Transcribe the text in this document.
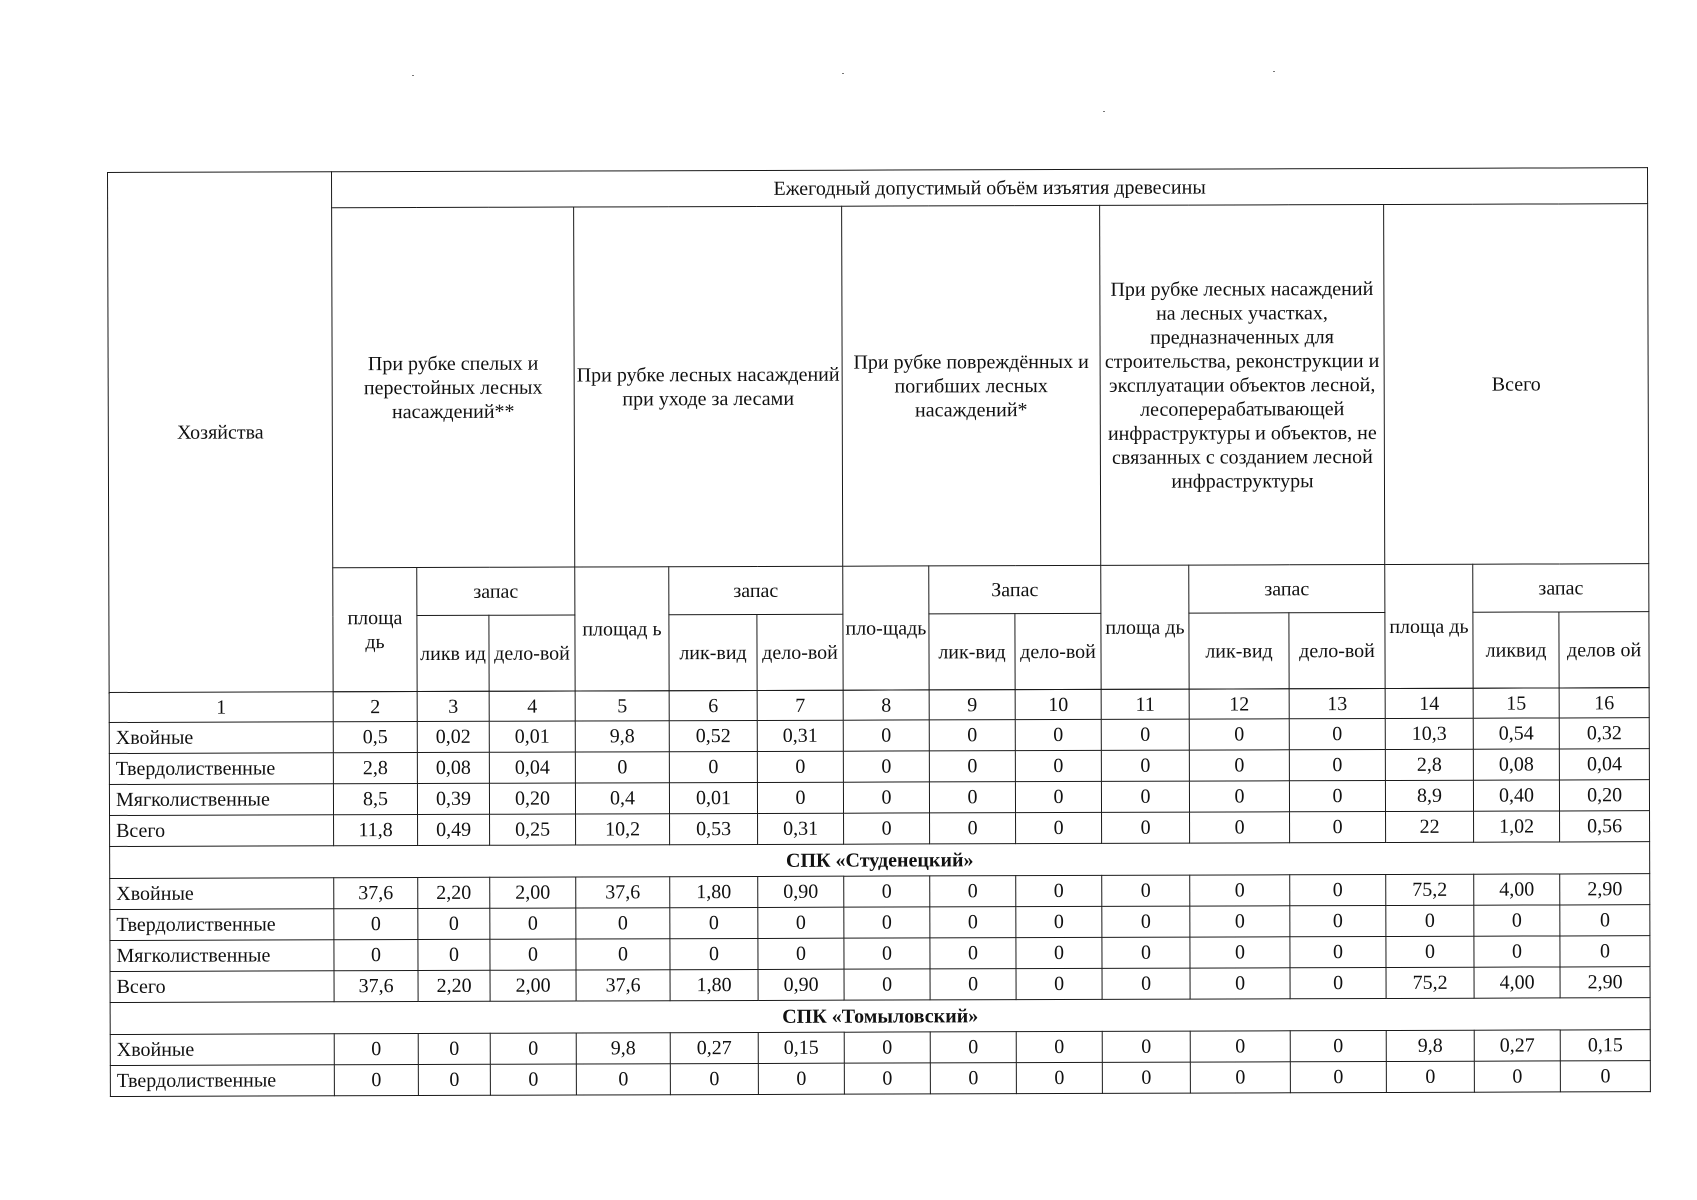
Хозяйства	Ежегодный допустимый объём изъятия древесины														
	При рубке спелых и перестойных лесных насаждений**			При рубке лесных насаждений при уходе за лесами			При рубке повреждённых и погибших лесных насаждений*			При рубке лесных насаждений на лесных участках, предназначенных для строительства, реконструкции и эксплуатации объектов лесной, лесоперерабатывающей инфраструктуры и объектов, не связанных с созданием лесной инфраструктуры			Всего		
	площа дь	запас		площад ь	запас		пло-щадь	Запас		площа дь	запас		площа дь	запас	
		ликв ид	дело-вой		лик-вид	дело-вой		лик-вид	дело-вой		лик-вид	дело-вой		ликвид	делов ой

1	2	3	4	5	6	7	8	9	10	11	12	13	14	15	16
Хвойные	0,5	0,02	0,01	9,8	0,52	0,31	0	0	0	0	0	0	10,3	0,54	0,32
Твердолиственные	2,8	0,08	0,04	0	0	0	0	0	0	0	0	0	2,8	0,08	0,04
Мягколиственные	8,5	0,39	0,20	0,4	0,01	0	0	0	0	0	0	0	8,9	0,40	0,20
Всего	11,8	0,49	0,25	10,2	0,53	0,31	0	0	0	0	0	0	22	1,02	0,56
СПК «Студенецкий»															
Хвойные	37,6	2,20	2,00	37,6	1,80	0,90	0	0	0	0	0	0	75,2	4,00	2,90
Твердолиственные	0	0	0	0	0	0	0	0	0	0	0	0	0	0	0
Мягколиственные	0	0	0	0	0	0	0	0	0	0	0	0	0	0	0
Всего	37,6	2,20	2,00	37,6	1,80	0,90	0	0	0	0	0	0	75,2	4,00	2,90
СПК «Томыловский»															
Хвойные	0	0	0	9,8	0,27	0,15	0	0	0	0	0	0	9,8	0,27	0,15
Твердолиственные	0	0	0	0	0	0	0	0	0	0	0	0	0	0	0
